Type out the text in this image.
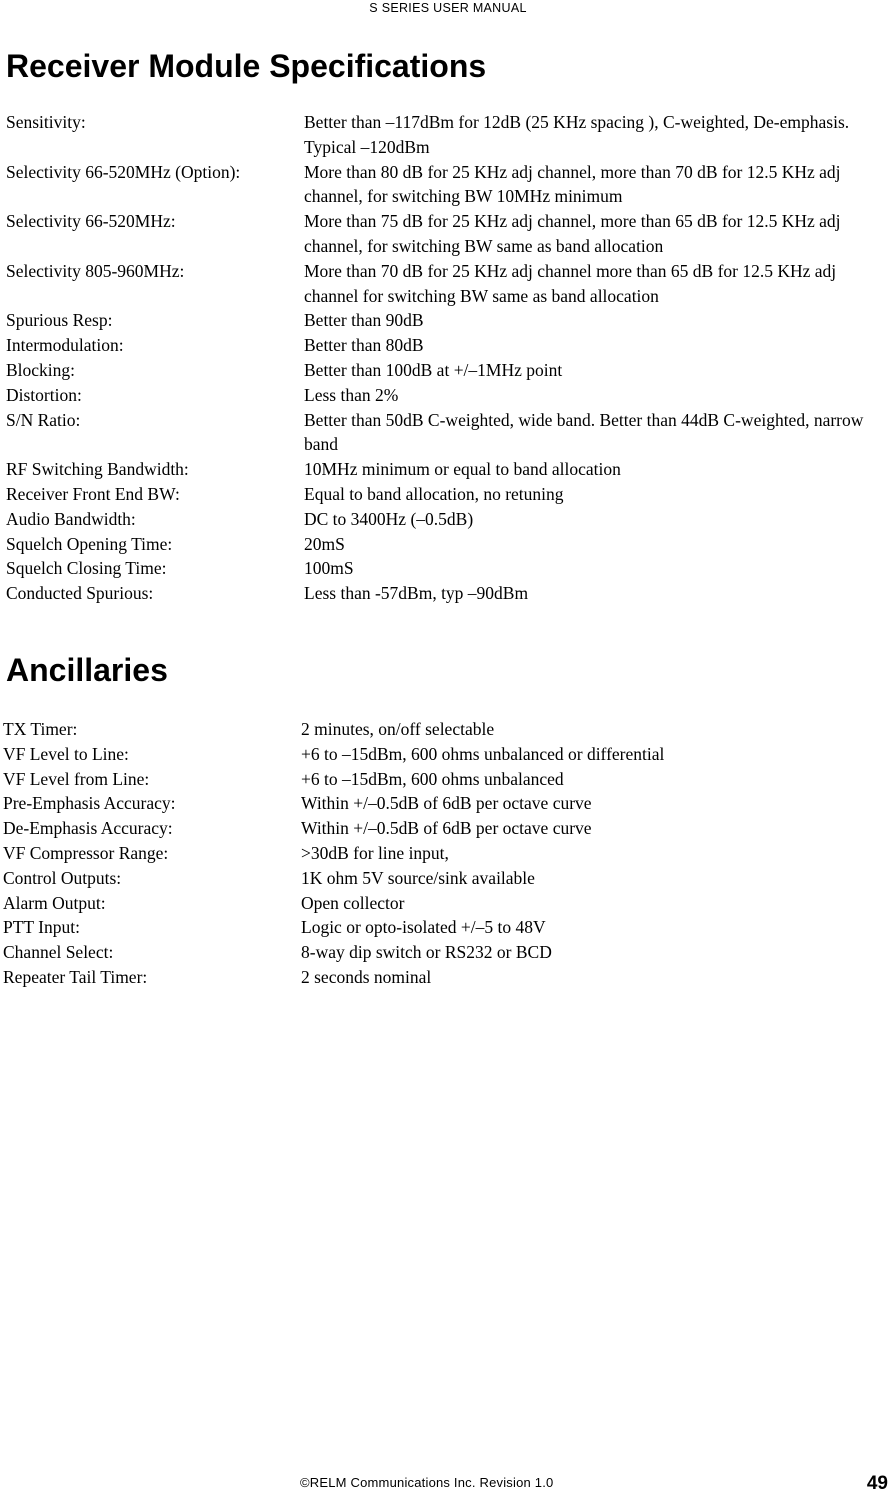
S SERIES USER MANUAL
Receiver Module Specifications
Sensitivity:	Better than –117dBm for 12dB (25 KHz spacing ), C-weighted, De-emphasis. Typical –120dBm
Selectivity 66-520MHz (Option):	More than 80 dB for 25 KHz adj channel, more than 70 dB for 12.5 KHz adj channel, for switching BW 10MHz minimum
Selectivity 66-520MHz:	More than 75 dB for 25 KHz adj channel, more than 65 dB for 12.5 KHz adj channel, for switching BW same as band allocation
Selectivity 805-960MHz:	More than 70 dB for 25 KHz adj channel more than 65 dB for 12.5 KHz adj channel for switching BW same as band allocation
Spurious Resp:	Better than 90dB
Intermodulation:	Better than 80dB
Blocking:	Better than 100dB at +/–1MHz point
Distortion:	Less than 2%
S/N Ratio:	Better than 50dB C-weighted, wide band. Better than 44dB C-weighted, narrow band
RF Switching Bandwidth:	10MHz minimum or equal to band allocation
Receiver Front End BW:	Equal to band allocation, no retuning
Audio Bandwidth:	DC to 3400Hz (–0.5dB)
Squelch Opening Time:	20mS
Squelch Closing Time:	100mS
Conducted Spurious:	Less than -57dBm, typ –90dBm
Ancillaries
TX Timer:	2 minutes, on/off selectable
VF Level to Line:	+6 to –15dBm, 600 ohms unbalanced or differential
VF Level from Line:	+6 to –15dBm, 600 ohms unbalanced
Pre-Emphasis Accuracy:	Within +/–0.5dB of 6dB per octave curve
De-Emphasis Accuracy:	Within +/–0.5dB of 6dB per octave curve
VF Compressor Range:	>30dB for line input,
Control Outputs:	1K ohm 5V source/sink available
Alarm Output:	Open collector
PTT Input:	Logic or opto-isolated +/–5 to 48V
Channel Select:	8-way dip switch or RS232 or BCD
Repeater Tail Timer:	2 seconds nominal
©RELM Communications Inc. Revision 1.0	49
